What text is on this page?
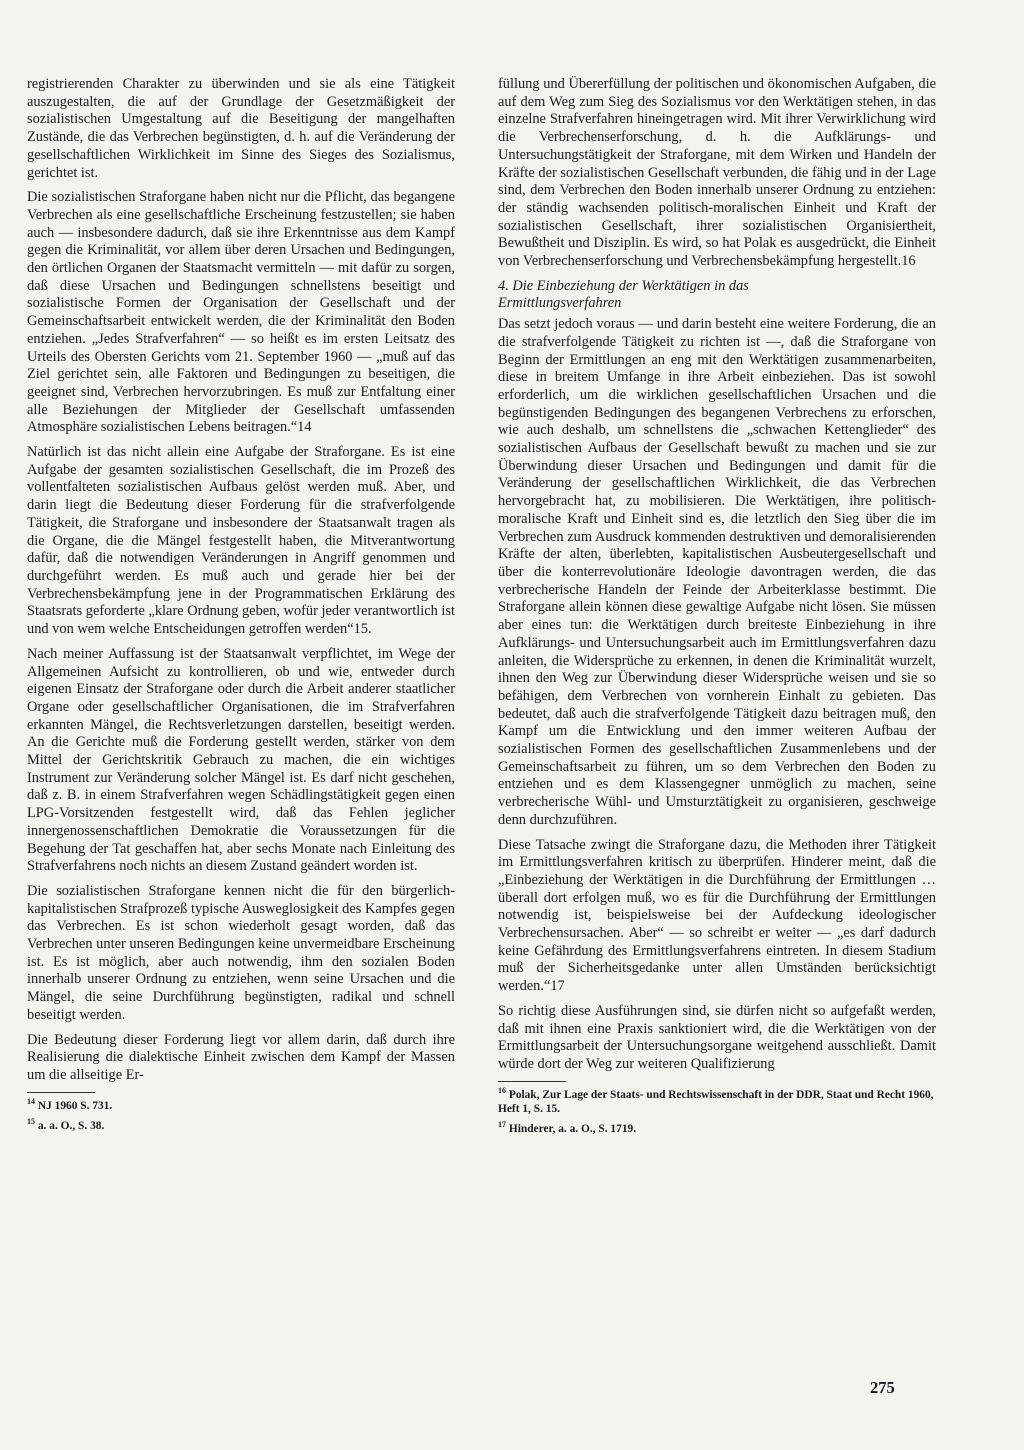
registrierenden Charakter zu überwinden und sie als eine Tätigkeit auszugestalten, die auf der Grundlage der Gesetzmäßigkeit der sozialistischen Umgestaltung auf die Beseitigung der mangelhaften Zustände, die das Verbrechen begünstigten, d. h. auf die Veränderung der gesellschaftlichen Wirklichkeit im Sinne des Sieges des Sozialismus, gerichtet ist.

Die sozialistischen Straforgane haben nicht nur die Pflicht, das begangene Verbrechen als eine gesellschaftliche Erscheinung festzustellen; sie haben auch — insbesondere dadurch, daß sie ihre Erkenntnisse aus dem Kampf gegen die Kriminalität, vor allem über deren Ursachen und Bedingungen, den örtlichen Organen der Staatsmacht vermitteln — mit dafür zu sorgen, daß diese Ursachen und Bedingungen schnellstens beseitigt und sozialistische Formen der Organisation der Gesellschaft und der Gemeinschaftsarbeit entwickelt werden, die der Kriminalität den Boden entziehen. „Jedes Strafverfahren“ — so heißt es im ersten Leitsatz des Urteils des Obersten Gerichts vom 21. September 1960 — „muß auf das Ziel gerichtet sein, alle Faktoren und Bedingungen zu beseitigen, die geeignet sind, Verbrechen hervorzubringen. Es muß zur Entfaltung einer alle Beziehungen der Mitglieder der Gesellschaft umfassenden Atmosphäre sozialistischen Lebens beitragen.“14

Natürlich ist das nicht allein eine Aufgabe der Straforgane. Es ist eine Aufgabe der gesamten sozialistischen Gesellschaft, die im Prozeß des vollentfalteten sozialistischen Aufbaus gelöst werden muß. Aber, und darin liegt die Bedeutung dieser Forderung für die strafverfolgende Tätigkeit, die Straforgane und insbesondere der Staatsanwalt tragen als die Organe, die die Mängel festgestellt haben, die Mitverantwortung dafür, daß die notwendigen Veränderungen in Angriff genommen und durchgeführt werden. Es muß auch und gerade hier bei der Verbrechensbekämpfung jene in der Programmatischen Erklärung des Staatsrats geforderte „klare Ordnung geben, wofür jeder verantwortlich ist und von wem welche Entscheidungen getroffen werden“15.

Nach meiner Auffassung ist der Staatsanwalt verpflichtet, im Wege der Allgemeinen Aufsicht zu kontrollieren, ob und wie, entweder durch eigenen Einsatz der Straforgane oder durch die Arbeit anderer staatlicher Organe oder gesellschaftlicher Organisationen, die im Strafverfahren erkannten Mängel, die Rechtsverletzungen darstellen, beseitigt werden. An die Gerichte muß die Forderung gestellt werden, stärker von dem Mittel der Gerichtskritik Gebrauch zu machen, die ein wichtiges Instrument zur Veränderung solcher Mängel ist. Es darf nicht geschehen, daß z. B. in einem Strafverfahren wegen Schädlingstätigkeit gegen einen LPG-Vorsitzenden festgestellt wird, daß das Fehlen jeglicher innergenossenschaftlichen Demokratie die Voraussetzungen für die Begehung der Tat geschaffen hat, aber sechs Monate nach Einleitung des Strafverfahrens noch nichts an diesem Zustand geändert worden ist.

Die sozialistischen Straforgane kennen nicht die für den bürgerlich-kapitalistischen Strafprozeß typische Ausweglosigkeit des Kampfes gegen das Verbrechen. Es ist schon wiederholt gesagt worden, daß das Verbrechen unter unseren Bedingungen keine unvermeidbare Erscheinung ist. Es ist möglich, aber auch notwendig, ihm den sozialen Boden innerhalb unserer Ordnung zu entziehen, wenn seine Ursachen und die Mängel, die seine Durchführung begünstigten, radikal und schnell beseitigt werden.

Die Bedeutung dieser Forderung liegt vor allem darin, daß durch ihre Realisierung die dialektische Einheit zwischen dem Kampf der Massen um die allseitige Er-

$^{14}$ NJ 1960 S. 731.
$^{15}$ a. a. O., S. 38.

füllung und Übererfüllung der politischen und ökonomischen Aufgaben, die auf dem Weg zum Sieg des Sozialismus vor den Werktätigen stehen, in das einzelne Strafverfahren hineingetragen wird. Mit ihrer Verwirklichung wird die Verbrechenserforschung, d. h. die Aufklärungs- und Untersuchungstätigkeit der Straforgane, mit dem Wirken und Handeln der Kräfte der sozialistischen Gesellschaft verbunden, die fähig und in der Lage sind, dem Verbrechen den Boden innerhalb unserer Ordnung zu entziehen: der ständig wachsenden politisch-moralischen Einheit und Kraft der sozialistischen Gesellschaft, ihrer sozialistischen Organisiertheit, Bewußtheit und Disziplin. Es wird, so hat Polak es ausgedrückt, die Einheit von Verbrechenserforschung und Verbrechensbekämpfung hergestellt.16

4. Die Einbeziehung der Werktätigen in das
Ermittlungsverfahren

Das setzt jedoch voraus — und darin besteht eine weitere Forderung, die an die strafverfolgende Tätigkeit zu richten ist —, daß die Straforgane von Beginn der Ermittlungen an eng mit den Werktätigen zusammenarbeiten, diese in breitem Umfange in ihre Arbeit einbeziehen. Das ist sowohl erforderlich, um die wirklichen gesellschaftlichen Ursachen und die begünstigenden Bedingungen des begangenen Verbrechens zu erforschen, wie auch deshalb, um schnellstens die „schwachen Kettenglieder“ des sozialistischen Aufbaus der Gesellschaft bewußt zu machen und sie zur Überwindung dieser Ursachen und Bedingungen und damit für die Veränderung der gesellschaftlichen Wirklichkeit, die das Verbrechen hervorgebracht hat, zu mobilisieren. Die Werktätigen, ihre politisch-moralische Kraft und Einheit sind es, die letztlich den Sieg über die im Verbrechen zum Ausdruck kommenden destruktiven und demoralisierenden Kräfte der alten, überlebten, kapitalistischen Ausbeutergesellschaft und über die konterrevolutionäre Ideologie davontragen werden, die das verbrecherische Handeln der Feinde der Arbeiterklasse bestimmt. Die Straforgane allein können diese gewaltige Aufgabe nicht lösen. Sie müssen aber eines tun: die Werktätigen durch breiteste Einbeziehung in ihre Aufklärungs- und Untersuchungsarbeit auch im Ermittlungsverfahren dazu anleiten, die Widersprüche zu erkennen, in denen die Kriminalität wurzelt, ihnen den Weg zur Überwindung dieser Widersprüche weisen und sie so befähigen, dem Verbrechen von vornherein Einhalt zu gebieten. Das bedeutet, daß auch die strafverfolgende Tätigkeit dazu beitragen muß, den Kampf um die Entwicklung und den immer weiteren Aufbau der sozialistischen Formen des gesellschaftlichen Zusammenlebens und der Gemeinschaftsarbeit zu führen, um so dem Verbrechen den Boden zu entziehen und es dem Klassengegner unmöglich zu machen, seine verbrecherische Wühl- und Umsturztätigkeit zu organisieren, geschweige denn durchzuführen.

Diese Tatsache zwingt die Straforgane dazu, die Methoden ihrer Tätigkeit im Ermittlungsverfahren kritisch zu überprüfen. Hinderer meint, daß die „Einbeziehung der Werktätigen in die Durchführung der Ermittlungen … überall dort erfolgen muß, wo es für die Durchführung der Ermittlungen notwendig ist, beispielsweise bei der Aufdeckung ideologischer Verbrechensursachen. Aber“ — so schreibt er weiter — „es darf dadurch keine Gefährdung des Ermittlungsverfahrens eintreten. In diesem Stadium muß der Sicherheitsgedanke unter allen Umständen berücksichtigt werden.“17

So richtig diese Ausführungen sind, sie dürfen nicht so aufgefaßt werden, daß mit ihnen eine Praxis sanktioniert wird, die die Werktätigen von der Ermittlungsarbeit der Untersuchungsorgane weitgehend ausschließt. Damit würde dort der Weg zur weiteren Qualifizierung

$^{16}$ Polak, Zur Lage der Staats- und Rechtswissenschaft in der DDR, Staat und Recht 1960, Heft 1, S. 15.
$^{17}$ Hinderer, a. a. O., S. 1719.
275
